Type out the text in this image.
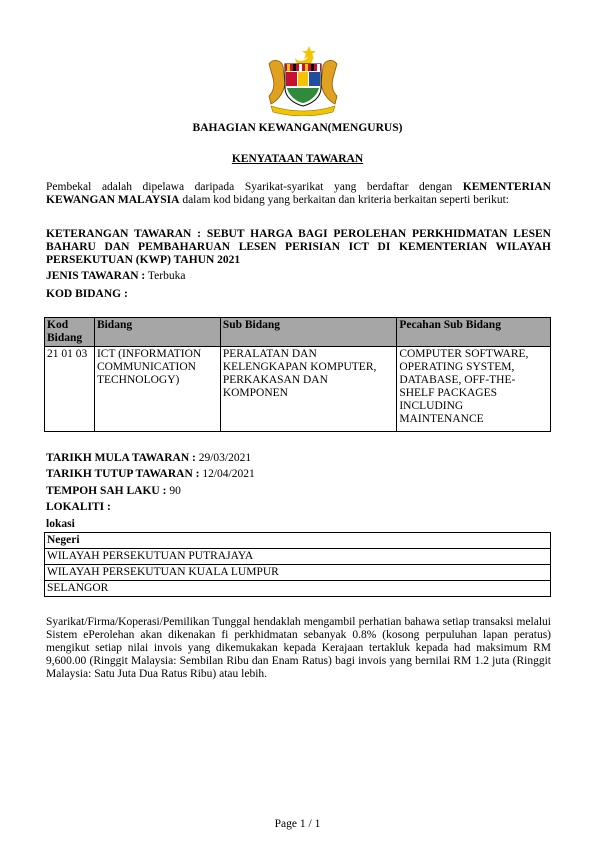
BAHAGIAN KEWANGAN(MENGURUS)
KENYATAAN TAWARAN
Pembekal adalah dipelawa daripada Syarikat-syarikat yang berdaftar dengan KEMENTERIAN KEWANGAN MALAYSIA dalam kod bidang yang berkaitan dan kriteria berkaitan seperti berikut:
KETERANGAN TAWARAN : SEBUT HARGA BAGI PEROLEHAN PERKHIDMATAN LESEN BAHARU DAN PEMBAHARUAN LESEN PERISIAN ICT DI KEMENTERIAN WILAYAH PERSEKUTUAN (KWP) TAHUN 2021
JENIS TAWARAN : Terbuka
KOD BIDANG :
Kod Bidang	Bidang	Sub Bidang	Pecahan Sub Bidang
21 01 03	ICT (INFORMATION COMMUNICATION TECHNOLOGY)	PERALATAN DAN KELENGKAPAN KOMPUTER, PERKAKASAN DAN KOMPONEN	COMPUTER SOFTWARE, OPERATING SYSTEM, DATABASE, OFF-THE-SHELF PACKAGES INCLUDING MAINTENANCE
TARIKH MULA TAWARAN : 29/03/2021
TARIKH TUTUP TAWARAN : 12/04/2021
TEMPOH SAH LAKU : 90
LOKALITI :
lokasi
Negeri
WILAYAH PERSEKUTUAN PUTRAJAYA
WILAYAH PERSEKUTUAN KUALA LUMPUR
SELANGOR
Syarikat/Firma/Koperasi/Pemilikan Tunggal hendaklah mengambil perhatian bahawa setiap transaksi melalui Sistem ePerolehan akan dikenakan fi perkhidmatan sebanyak 0.8% (kosong perpuluhan lapan peratus) mengikut setiap nilai invois yang dikemukakan kepada Kerajaan tertakluk kepada had maksimum RM 9,600.00 (Ringgit Malaysia: Sembilan Ribu dan Enam Ratus) bagi invois yang bernilai RM 1.2 juta (Ringgit Malaysia: Satu Juta Dua Ratus Ribu) atau lebih.
Page 1 / 1
